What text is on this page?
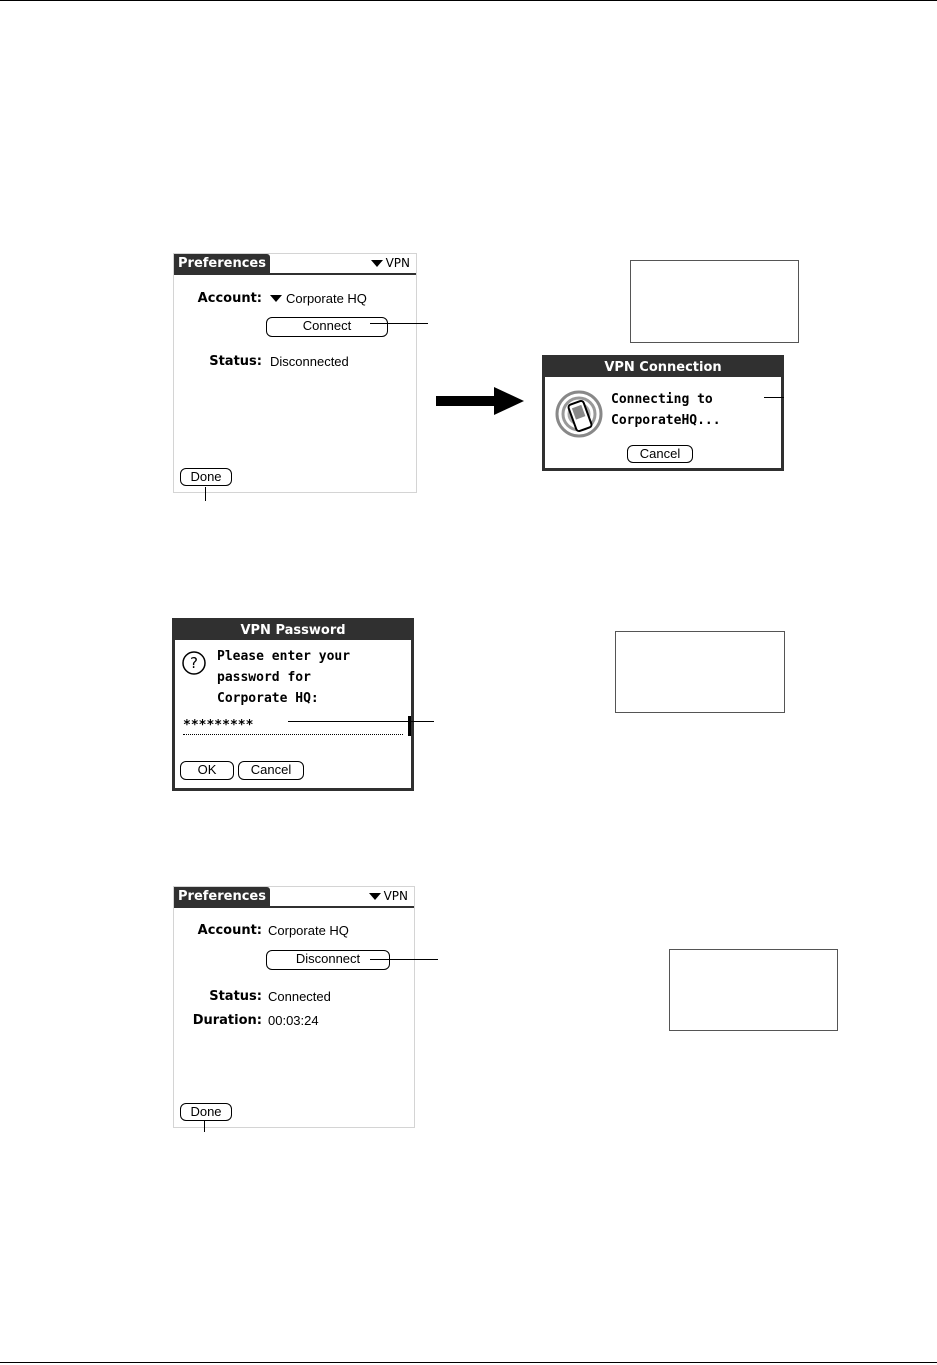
Preferences	VPN
Account: Corporate HQ
Connect
Status: Disconnected
Done
VPN Connection
Connecting to
CorporateHQ...
Cancel
VPN Password
? Please enter your
password for
Corporate HQ:
*********
OK	Cancel
Preferences	VPN
Account: Corporate HQ
Disconnect
Status: Connected
Duration: 00:03:24
Done
